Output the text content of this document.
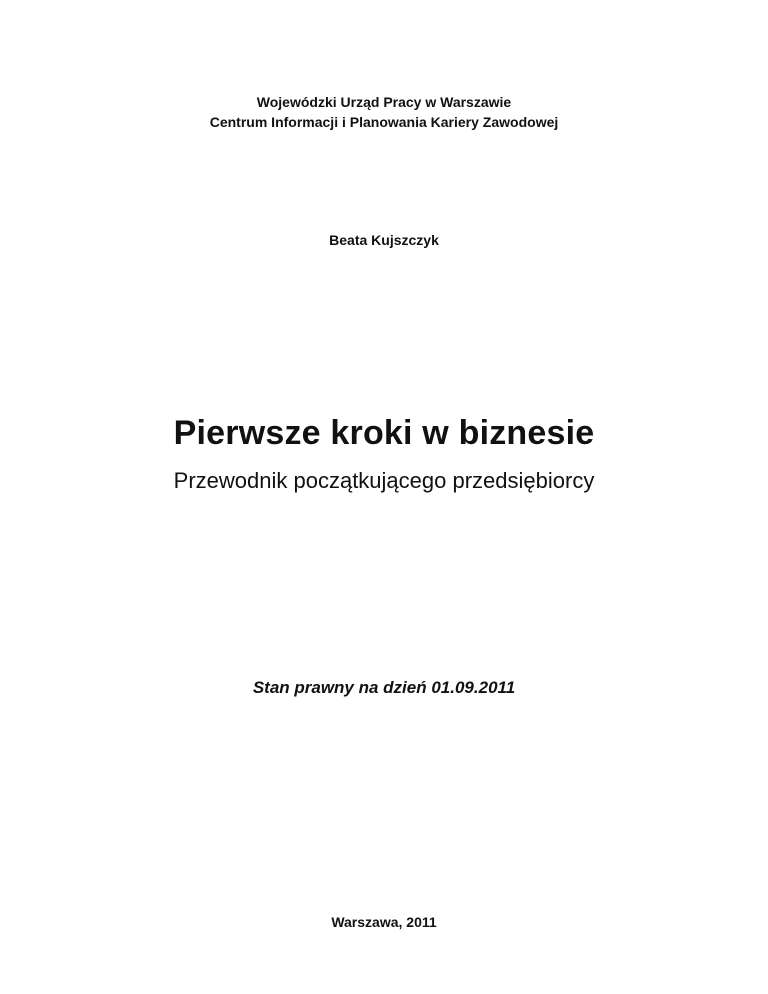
Wojewódzki Urząd Pracy w Warszawie
Centrum Informacji i Planowania Kariery Zawodowej
Beata Kujszczyk
Pierwsze kroki w biznesie
Przewodnik początkującego przedsiębiorcy
Stan prawny na dzień 01.09.2011
Warszawa, 2011
